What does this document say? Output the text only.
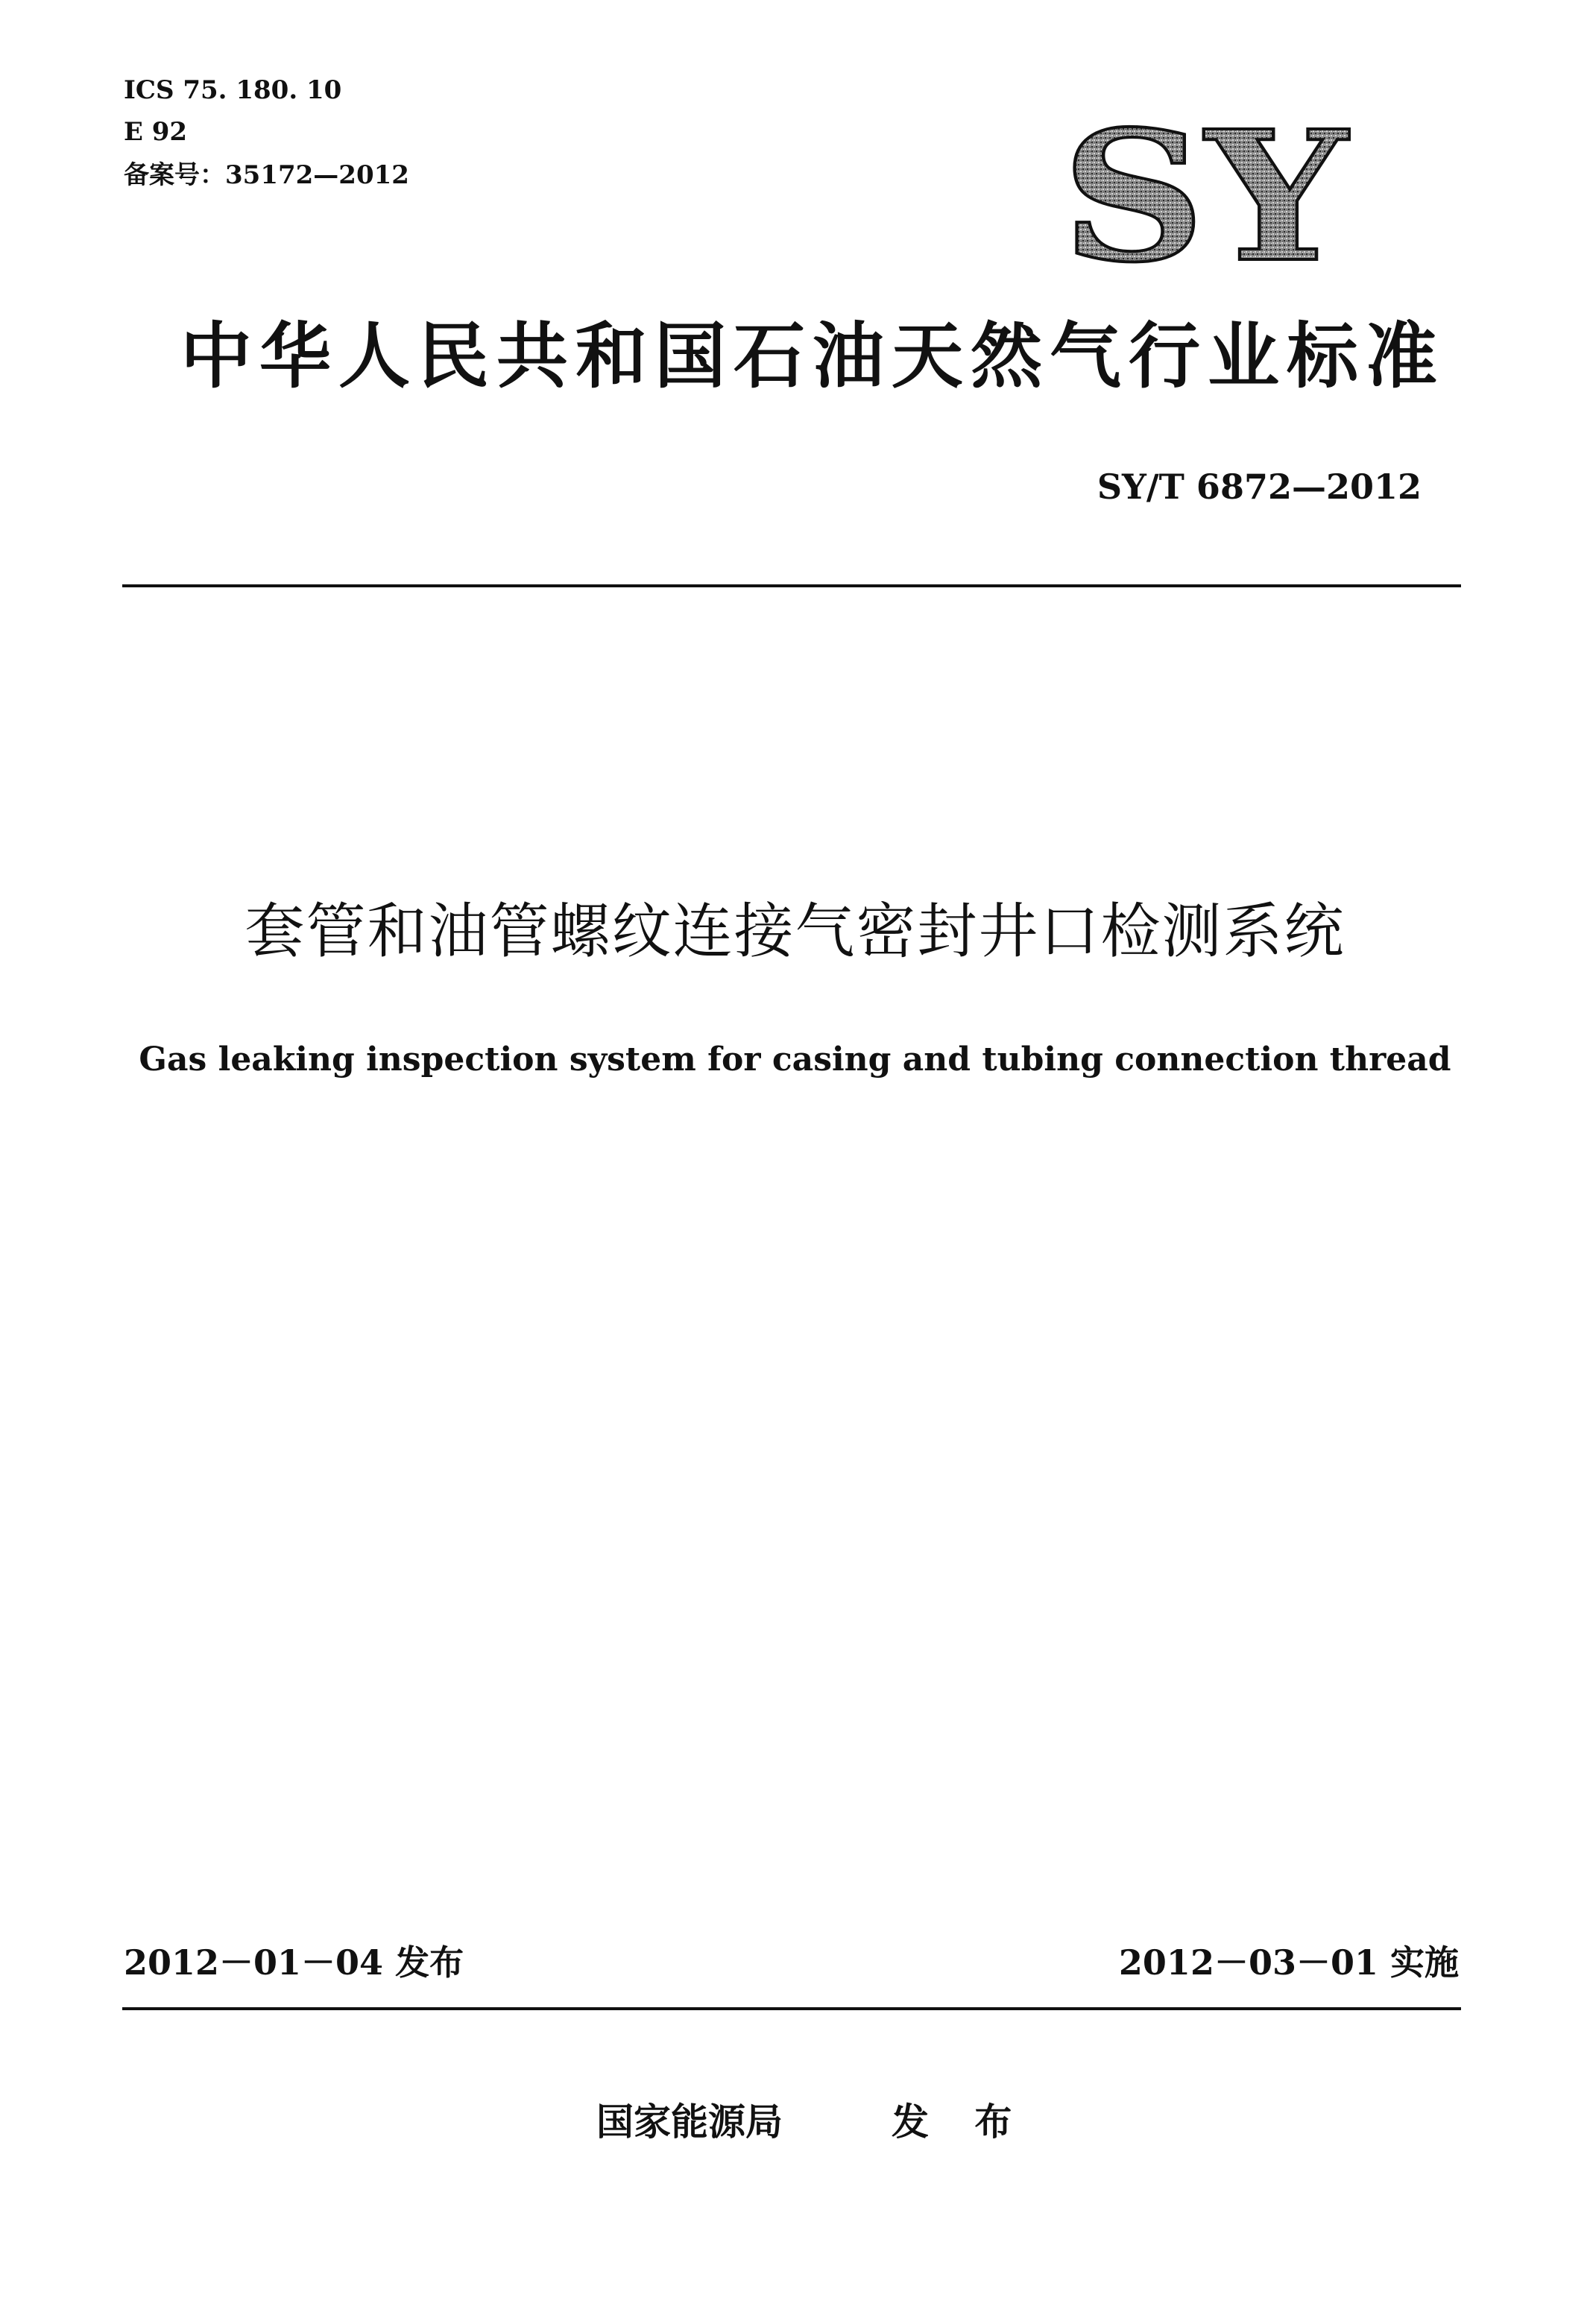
ICS 75. 180. 10
E 92
备案号：35172—2012	SY
中华人民共和国石油天然气行业标准
SY/T 6872—2012
套管和油管螺纹连接气密封井口检测系统
Gas leaking inspection system for casing and tubing connection thread
2012－01－04 发布	2012－03－01 实施
国家能源局	发 布
